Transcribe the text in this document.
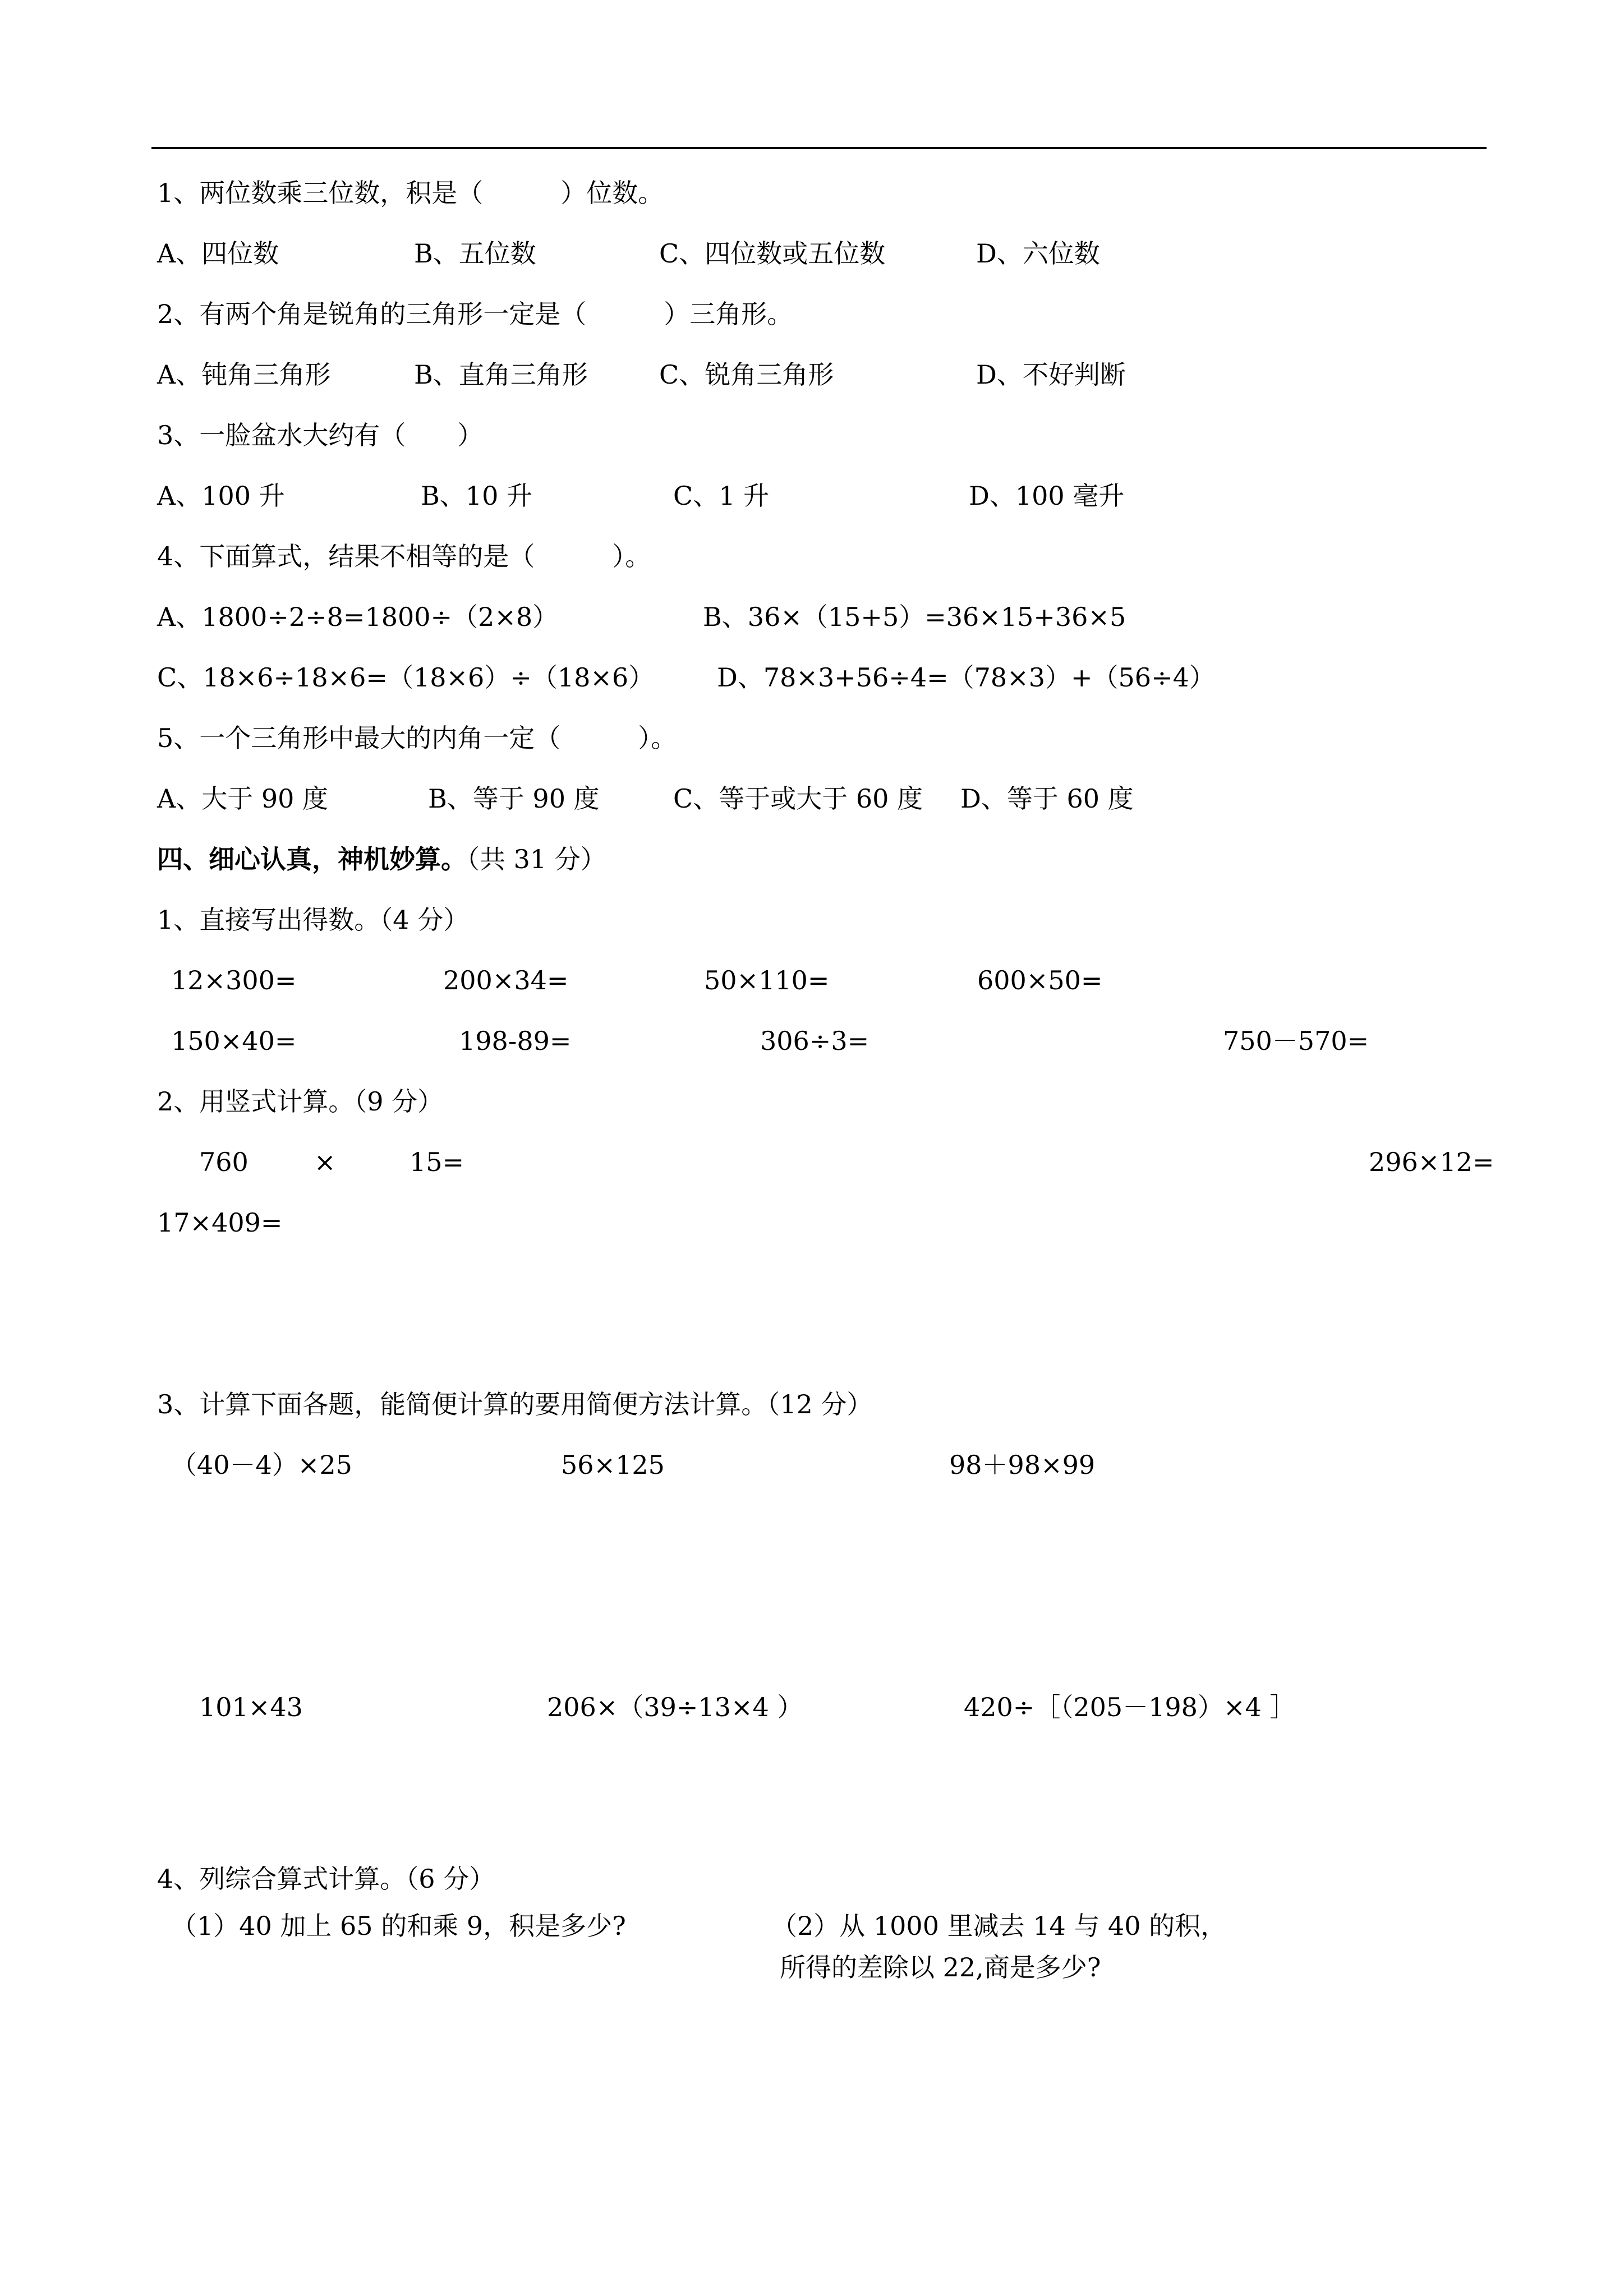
1、两位数乘三位数，积是（　　　）位数。
A、四位数	B、五位数	C、四位数或五位数	D、六位数
2、有两个角是锐角的三角形一定是（　　　）三角形。
A、钝角三角形	B、直角三角形	C、锐角三角形	D、不好判断
3、一脸盆水大约有（　　）
A、100 升	B、10 升	C、1 升	D、100 毫升
4、下面算式，结果不相等的是（　　　）。
A、1800÷2÷8=1800÷（2×8）	B、36×（15+5）=36×15+36×5
C、18×6÷18×6=（18×6）÷（18×6） D、78×3+56÷4=（78×3）+（56÷4）
5、一个三角形中最大的内角一定（　　　）。
A、大于 90 度	B、等于 90 度	C、等于或大于 60 度 D、等于 60 度
四、细心认真，神机妙算。（共 31 分）
1、直接写出得数。（4 分）
12×300=	200×34=	50×110=	600×50=
150×40=	198-89=	306÷3=	750－570=
2、用竖式计算。（9 分）
760	×	15=	296×12=
17×409=
3、计算下面各题，能简便计算的要用简便方法计算。（12 分）
（40－4）×25	56×125	98＋98×99
101×43	206×（39÷13×4 ）	420÷［（205－198）×4 ］
4、列综合算式计算。（6 分）
（1）40 加上 65 的和乘 9，积是多少?	（2）从 1000 里减去 14 与 40 的积，
所得的差除以 22,商是多少?
